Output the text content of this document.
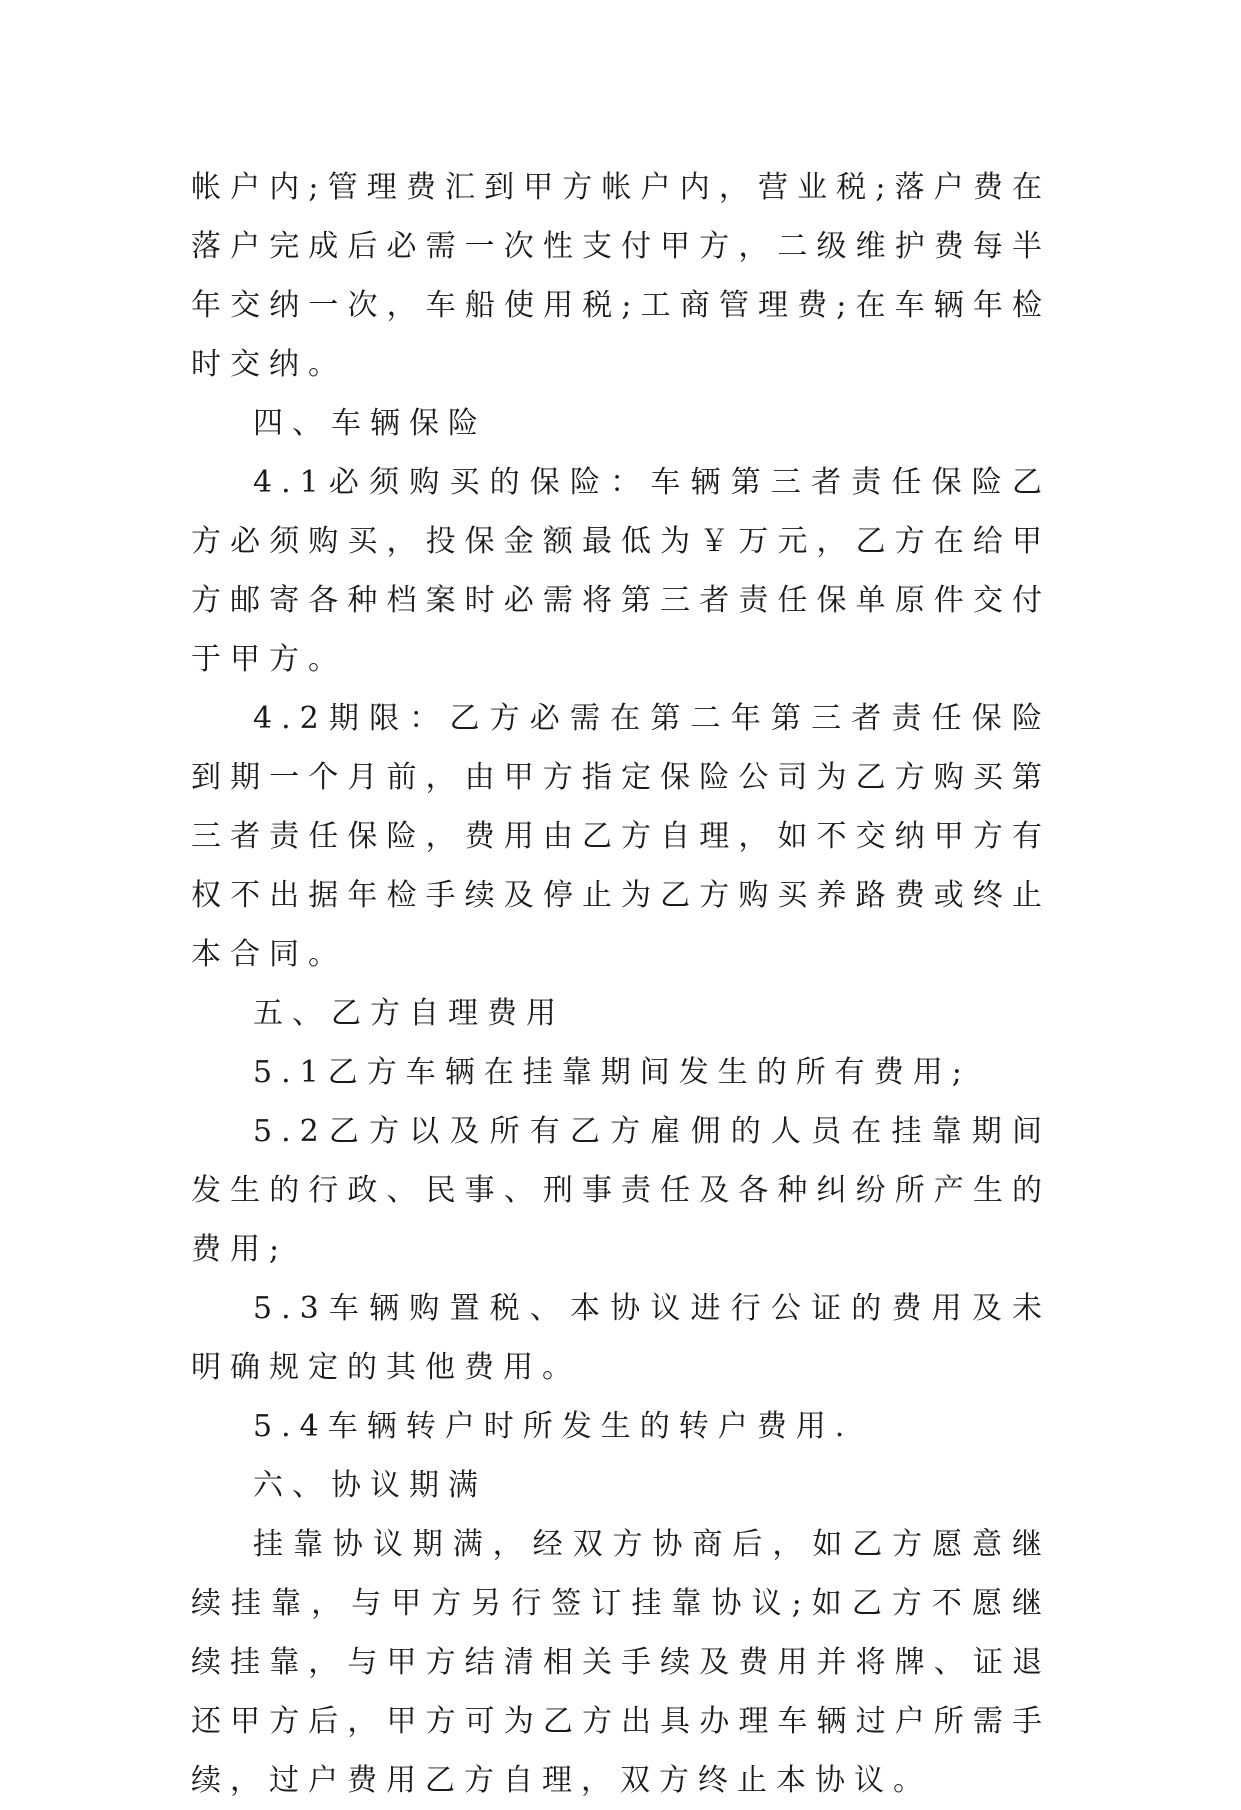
帐户内;管理费汇到甲方帐户内，营业税;落户费在落户完成后必需一次性支付甲方，二级维护费每半年交纳一次，车船使用税;工商管理费;在车辆年检时交纳。

四、车辆保险

4.1必须购买的保险：车辆第三者责任保险乙方必须购买，投保金额最低为￥万元，乙方在给甲方邮寄各种档案时必需将第三者责任保单原件交付于甲方。

4.2期限：乙方必需在第二年第三者责任保险到期一个月前，由甲方指定保险公司为乙方购买第三者责任保险，费用由乙方自理，如不交纳甲方有权不出据年检手续及停止为乙方购买养路费或终止本合同。

五、乙方自理费用

5.1乙方车辆在挂靠期间发生的所有费用;

5.2乙方以及所有乙方雇佣的人员在挂靠期间发生的行政、民事、刑事责任及各种纠纷所产生的费用;

5.3车辆购置税、本协议进行公证的费用及未明确规定的其他费用。

5.4车辆转户时所发生的转户费用.

六、协议期满

挂靠协议期满，经双方协商后，如乙方愿意继续挂靠，与甲方另行签订挂靠协议;如乙方不愿继续挂靠，与甲方结清相关手续及费用并将牌、证退还甲方后，甲方可为乙方出具办理车辆过户所需手续，过户费用乙方自理，双方终止本协议。
